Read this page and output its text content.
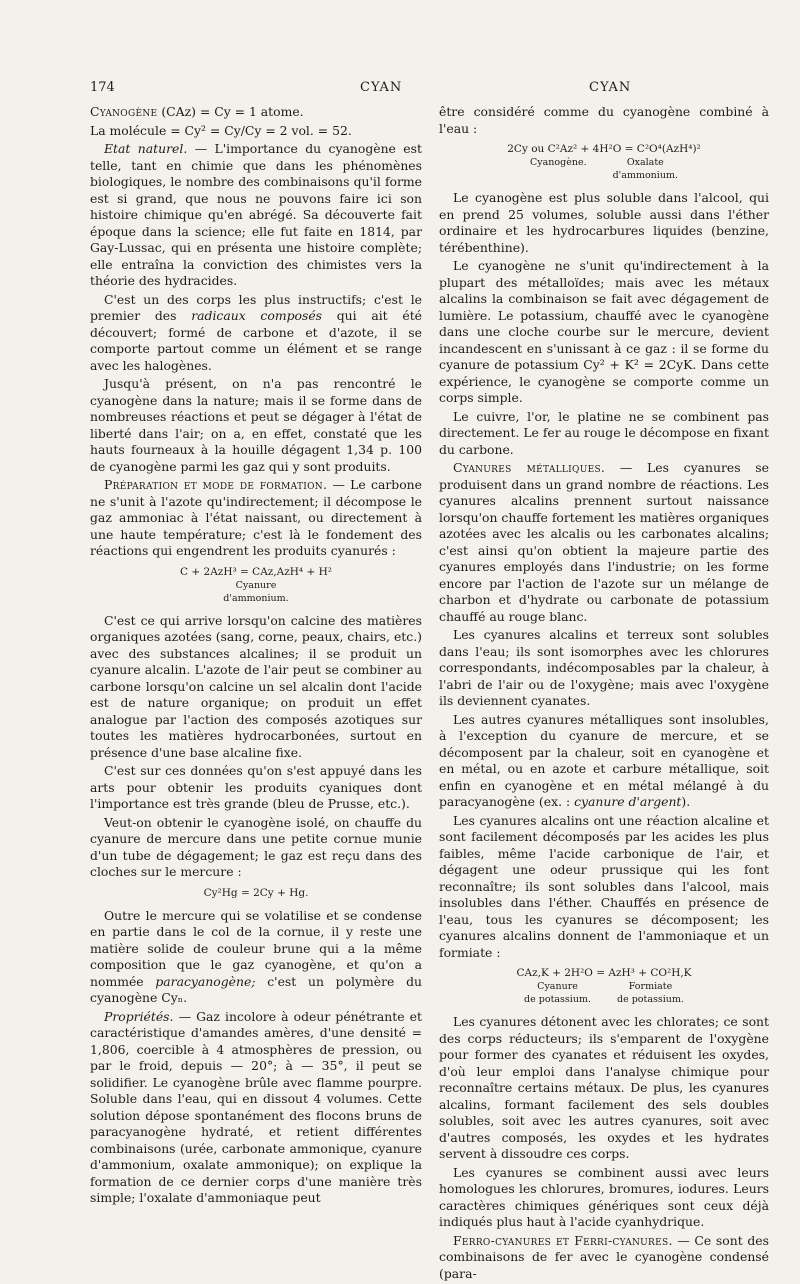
174	CYAN	CYAN

Cyanogène (CAz) = Cy = 1 atome.

La molécule = Cy² = Cy/Cy = 2 vol. = 52.

Etat naturel. — L'importance du cyanogène est telle, tant en chimie que dans les phénomènes biologiques, le nombre des combinaisons qu'il forme est si grand, que nous ne pouvons faire ici son histoire chimique qu'en abrégé. Sa découverte fait époque dans la science; elle fut faite en 1814, par Gay-Lussac, qui en présenta une histoire complète; elle entraîna la conviction des chimistes vers la théorie des hydracides.

C'est un des corps les plus instructifs; c'est le premier des radicaux composés qui ait été découvert; formé de carbone et d'azote, il se comporte partout comme un élément et se range avec les halogènes.

Jusqu'à présent, on n'a pas rencontré le cyanogène dans la nature; mais il se forme dans de nombreuses réactions et peut se dégager à l'état de liberté dans l'air; on a, en effet, constaté que les hauts fourneaux à la houille dégagent 1,34 p. 100 de cyanogène parmi les gaz qui y sont produits.

Préparation et mode de formation. — Le carbone ne s'unit à l'azote qu'indirectement; il décompose le gaz ammoniac à l'état naissant, ou directement à une haute température; c'est là le fondement des réactions qui engendrent les produits cyanurés :

C + 2AzH³ = CAz,AzH⁴ + H²
Cyanure
d'ammonium.

C'est ce qui arrive lorsqu'on calcine des matières organiques azotées (sang, corne, peaux, chairs, etc.) avec des substances alcalines; il se produit un cyanure alcalin. L'azote de l'air peut se combiner au carbone lorsqu'on calcine un sel alcalin dont l'acide est de nature organique; on produit un effet analogue par l'action des composés azotiques sur toutes les matières hydrocarbonées, surtout en présence d'une base alcaline fixe.

C'est sur ces données qu'on s'est appuyé dans les arts pour obtenir les produits cyaniques dont l'importance est très grande (bleu de Prusse, etc.).

Veut-on obtenir le cyanogène isolé, on chauffe du cyanure de mercure dans une petite cornue munie d'un tube de dégagement; le gaz est reçu dans des cloches sur le mercure :

Cy²Hg = 2Cy + Hg.

Outre le mercure qui se volatilise et se condense en partie dans le col de la cornue, il y reste une matière solide de couleur brune qui a la même composition que le gaz cyanogène, et qu'on a nommée paracyanogène; c'est un polymère du cyanogène Cyₙ.

Propriétés. — Gaz incolore à odeur pénétrante et caractéristique d'amandes amères, d'une densité = 1,806, coercible à 4 atmosphères de pression, ou par le froid, depuis — 20°; à — 35°, il peut se solidifier. Le cyanogène brûle avec flamme pourpre. Soluble dans l'eau, qui en dissout 4 volumes. Cette solution dépose spontanément des flocons bruns de paracyanogène hydraté, et retient différentes combinaisons (urée, carbonate ammonique, cyanure d'ammonium, oxalate ammonique); on explique la formation de ce dernier corps d'une manière très simple; l'oxalate d'ammoniaque peut

être considéré comme du cyanogène combiné à l'eau :

2Cy ou C²Az² + 4H²O = C²O⁴(AzH⁴)²
Cyanogène.	Oxalate
d'ammonium.

Le cyanogène est plus soluble dans l'alcool, qui en prend 25 volumes, soluble aussi dans l'éther ordinaire et les hydrocarbures liquides (benzine, térébenthine).

Le cyanogène ne s'unit qu'indirectement à la plupart des métalloïdes; mais avec les métaux alcalins la combinaison se fait avec dégagement de lumière. Le potassium, chauffé avec le cyanogène dans une cloche courbe sur le mercure, devient incandescent en s'unissant à ce gaz : il se forme du cyanure de potassium Cy² + K² = 2CyK. Dans cette expérience, le cyanogène se comporte comme un corps simple.

Le cuivre, l'or, le platine ne se combinent pas directement. Le fer au rouge le décompose en fixant du carbone.

Cyanures métalliques. — Les cyanures se produisent dans un grand nombre de réactions. Les cyanures alcalins prennent surtout naissance lorsqu'on chauffe fortement les matières organiques azotées avec les alcalis ou les carbonates alcalins; c'est ainsi qu'on obtient la majeure partie des cyanures employés dans l'industrie; on les forme encore par l'action de l'azote sur un mélange de charbon et d'hydrate ou carbonate de potassium chauffé au rouge blanc.

Les cyanures alcalins et terreux sont solubles dans l'eau; ils sont isomorphes avec les chlorures correspondants, indécomposables par la chaleur, à l'abri de l'air ou de l'oxygène; mais avec l'oxygène ils deviennent cyanates.

Les autres cyanures métalliques sont insolubles, à l'exception du cyanure de mercure, et se décomposent par la chaleur, soit en cyanogène et en métal, ou en azote et carbure métallique, soit enfin en cyanogène et en métal mélangé à du paracyanogène (ex. : cyanure d'argent).

Les cyanures alcalins ont une réaction alcaline et sont facilement décomposés par les acides les plus faibles, même l'acide carbonique de l'air, et dégagent une odeur prussique qui les font reconnaître; ils sont solubles dans l'alcool, mais insolubles dans l'éther. Chauffés en présence de l'eau, tous les cyanures se décomposent; les cyanures alcalins donnent de l'ammoniaque et un formiate :

CAz,K + 2H²O = AzH³ + CO²H,K
Cyanure
de potassium.
Formiate
de potassium.

Les cyanures détonent avec les chlorates; ce sont des corps réducteurs; ils s'emparent de l'oxygène pour former des cyanates et réduisent les oxydes, d'où leur emploi dans l'analyse chimique pour reconnaître certains métaux. De plus, les cyanures alcalins, formant facilement des sels doubles solubles, soit avec les autres cyanures, soit avec d'autres composés, les oxydes et les hydrates servent à dissoudre ces corps.

Les cyanures se combinent aussi avec leurs homologues les chlorures, bromures, iodures. Leurs caractères chimiques génériques sont ceux déjà indiqués plus haut à l'acide cyanhydrique.

Ferro-cyanures et Ferri-cyanures. — Ce sont des combinaisons de fer avec le cyanogène condensé (para-
